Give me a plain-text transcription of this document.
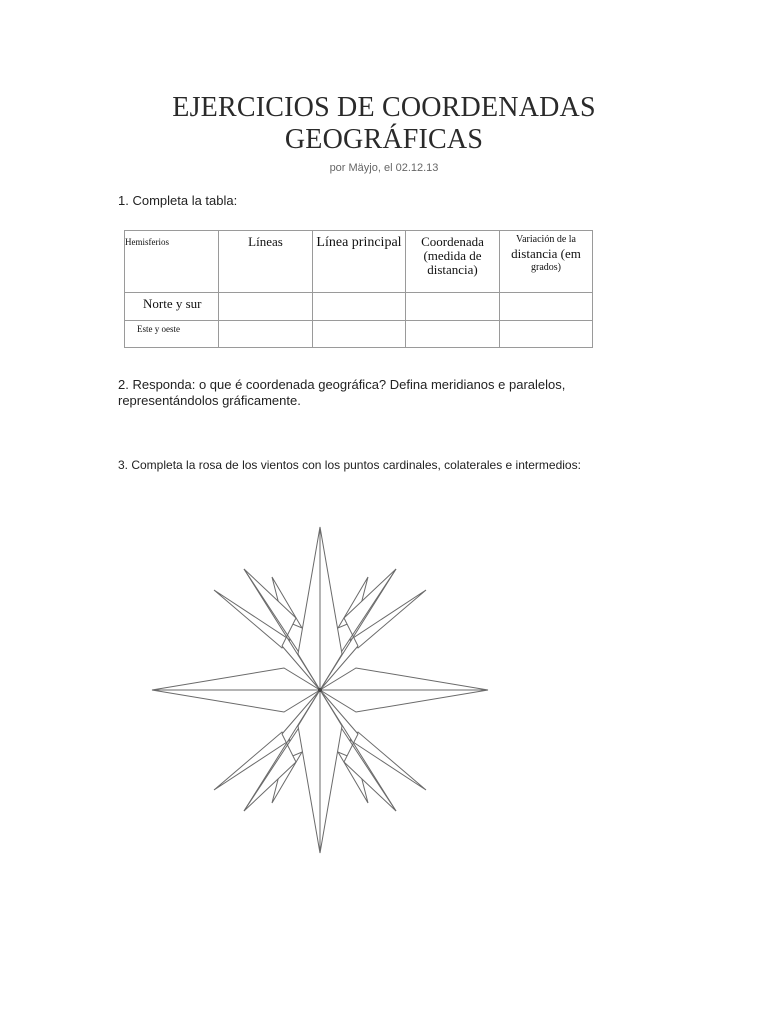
EJERCICIOS DE COORDENADAS
GEOGRÁFICAS
por Mäyjo, el 02.12.13
1. Completa la tabla:
Hemisferios	Líneas	Línea principal	Coordenada (medida de distancia)	Variación de la
distancia (em
grados)

Norte y sur				
Este y oeste				
2. Responda: o que é coordenada geográfica? Defina meridianos e paralelos, representándolos gráficamente.
3. Completa la rosa de los vientos con los puntos cardinales, colaterales e intermedios:
